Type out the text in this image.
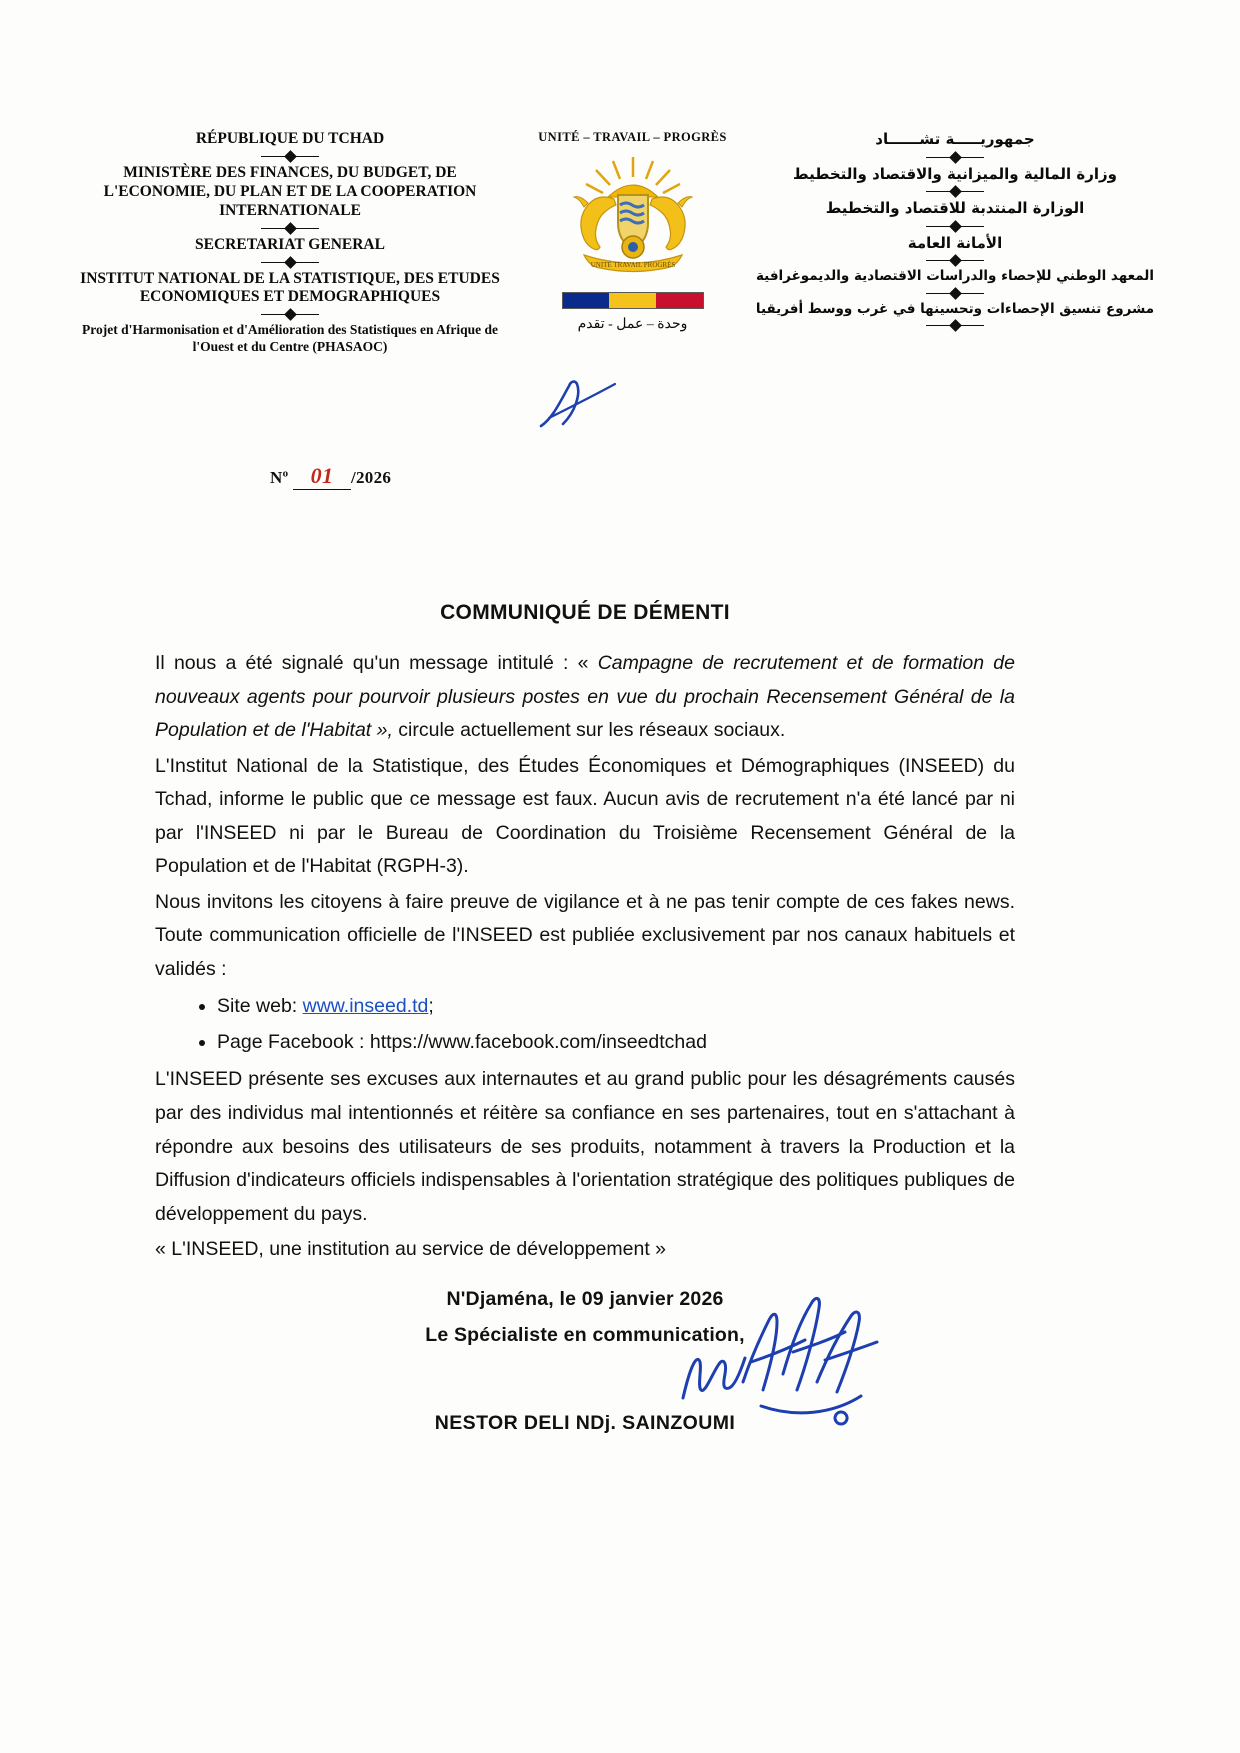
RÉPUBLIQUE DU TCHAD

MINISTÈRE DES FINANCES, DU BUDGET, DE L'ECONOMIE, DU PLAN ET DE LA COOPERATION INTERNATIONALE

SECRETARIAT GENERAL

INSTITUT NATIONAL DE LA STATISTIQUE, DES ETUDES ECONOMIQUES ET DEMOGRAPHIQUES

Projet d'Harmonisation et d'Amélioration des Statistiques en Afrique de l'Ouest et du Centre (PHASAOC)

$N^o$ 01 /2026
UNITÉ – TRAVAIL – PROGRÈS
UNITÉ TRAVAIL PROGRÈS
وحدة – عمل - تقدم

جمهوريـــــة تشــــــاد

وزارة المالية والميزانية والاقتصاد والتخطيط

الوزارة المنتدبة للاقتصاد والتخطيط

الأمانة العامة

المعهد الوطني للإحصاء والدراسات الاقتصادية والديموغرافية

مشروع تنسيق الإحصاءات وتحسينها في غرب ووسط أفريقيا

COMMUNIQUÉ DE DÉMENTI

Il nous a été signalé qu'un message intitulé : « Campagne de recrutement et de formation de nouveaux agents pour pourvoir plusieurs postes en vue du prochain Recensement Général de la Population et de l'Habitat », circule actuellement sur les réseaux sociaux.

L'Institut National de la Statistique, des Études Économiques et Démographiques (INSEED) du Tchad, informe le public que ce message est faux. Aucun avis de recrutement n'a été lancé par ni par l'INSEED ni par le Bureau de Coordination du Troisième Recensement Général de la Population et de l'Habitat (RGPH-3).

Nous invitons les citoyens à faire preuve de vigilance et à ne pas tenir compte de ces fakes news. Toute communication officielle de l'INSEED est publiée exclusivement par nos canaux habituels et validés :

• Site web: www.inseed.td;
• Page Facebook : https://www.facebook.com/inseedtchad

L'INSEED présente ses excuses aux internautes et au grand public pour les désagréments causés par des individus mal intentionnés et réitère sa confiance en ses partenaires, tout en s'attachant à répondre aux besoins des utilisateurs de ses produits, notamment à travers la Production et la Diffusion d'indicateurs officiels indispensables à l'orientation stratégique des politiques publiques de développement du pays.

« L'INSEED, une institution au service de développement »

N'Djaména, le 09 janvier 2026
Le Spécialiste en communication,
NESTOR DELI NDj. SAINZOUMI
